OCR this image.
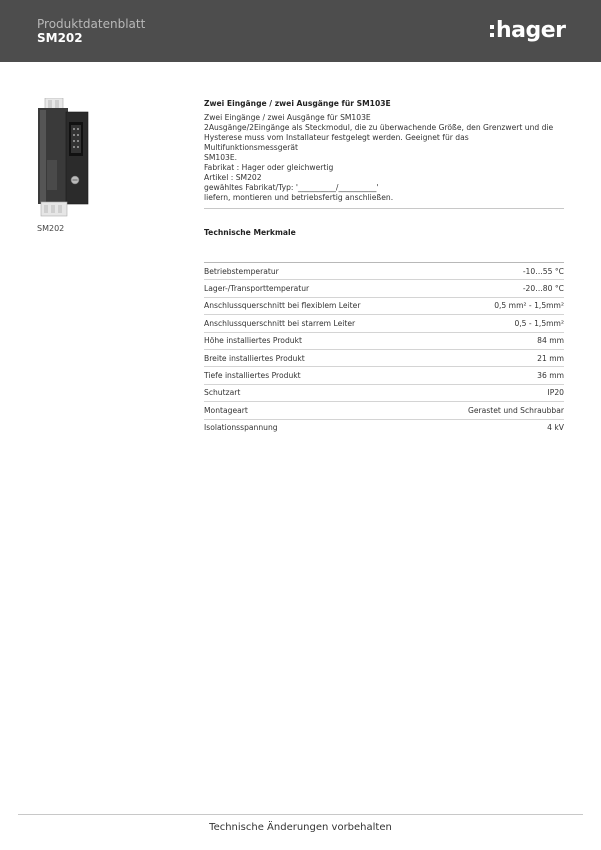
Produktdatenblatt
SM202	hager
SM202
Zwei Eingänge / zwei Ausgänge für SM103E
Zwei Eingänge / zwei Ausgänge für SM103E
2Ausgänge/2Eingänge als Steckmodul, die zu überwachende Größe, den Grenzwert und die
Hysterese muss vom Installateur festgelegt werden. Geeignet für das Multifunktionsmessgerät
SM103E.
Fabrikat : Hager oder gleichwertig
Artikel : SM202
gewähltes Fabrikat/Typ: '__________/__________'
liefern, montieren und betriebsfertig anschließen.
Technische Merkmale
Betriebstemperatur	-10…55 °C
Lager-/Transporttemperatur	-20…80 °C
Anschlussquerschnitt bei flexiblem Leiter	0,5 mm² - 1,5mm²
Anschlussquerschnitt bei starrem Leiter	0,5 - 1,5mm²
Höhe installiertes Produkt	84 mm
Breite installiertes Produkt	21 mm
Tiefe installiertes Produkt	36 mm
Schutzart	IP20
Montageart	Gerastet und Schraubbar
Isolationsspannung	4 kV
Technische Änderungen vorbehalten
